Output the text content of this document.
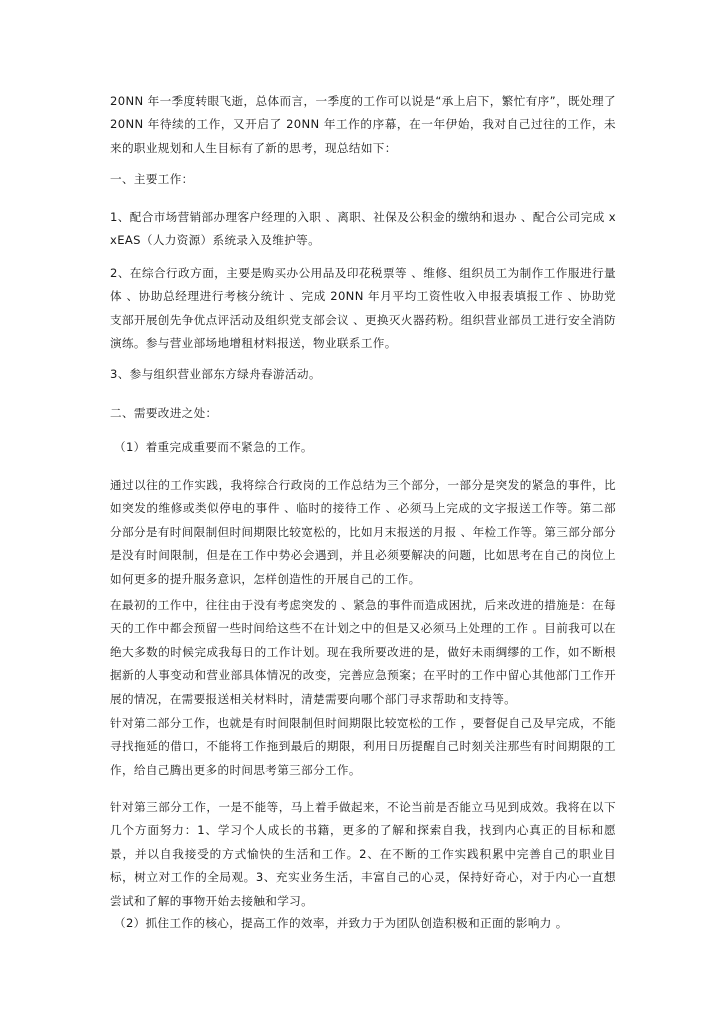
20NN 年一季度转眼飞逝，总体而言，一季度的工作可以说是“承上启下，繁忙有序”，既处理了 20NN 年待续的工作，又开启了 20NN 年工作的序幕，在一年伊始，我对自己过往的工作，未来的职业规划和人生目标有了新的思考，现总结如下：

一、主要工作：

1、配合市场营销部办理客户经理的入职 、离职、社保及公积金的缴纳和退办 、配合公司完成 xxEAS（人力资源）系统录入及维护等。

2、在综合行政方面，主要是购买办公用品及印花税票等 、维修、组织员工为制作工作服进行量体 、协助总经理进行考核分统计 、完成 20NN 年月平均工资性收入申报表填报工作 、协助党支部开展创先争优点评活动及组织党支部会议 、更换灭火器药粉。组织营业部员工进行安全消防演练。参与营业部场地增租材料报送，物业联系工作。

3、参与组织营业部东方绿舟春游活动。

二、需要改进之处：

（1）着重完成重要而不紧急的工作。

通过以往的工作实践，我将综合行政岗的工作总结为三个部分，一部分是突发的紧急的事件，比如突发的维修或类似停电的事件 、临时的接待工作 、必须马上完成的文字报送工作等。第二部分部分是有时间限制但时间期限比较宽松的，比如月末报送的月报 、年检工作等。第三部分部分是没有时间限制，但是在工作中势必会遇到，并且必须要解决的问题，比如思考在自己的岗位上如何更多的提升服务意识，怎样创造性的开展自己的工作。

在最初的工作中，往往由于没有考虑突发的 、紧急的事件而造成困扰，后来改进的措施是：在每天的工作中都会预留一些时间给这些不在计划之中的但是又必须马上处理的工作 。目前我可以在绝大多数的时候完成我每日的工作计划。现在我所要改进的是，做好未雨绸缪的工作，如不断根据新的人事变动和营业部具体情况的改变，完善应急预案；在平时的工作中留心其他部门工作开展的情况，在需要报送相关材料时，清楚需要向哪个部门寻求帮助和支持等。

针对第二部分工作，也就是有时间限制但时间期限比较宽松的工作 ，要督促自己及早完成，不能寻找拖延的借口，不能将工作拖到最后的期限，利用日历提醒自己时刻关注那些有时间期限的工作，给自己腾出更多的时间思考第三部分工作。

针对第三部分工作，一是不能等，马上着手做起来，不论当前是否能立马见到成效。我将在以下几个方面努力：1、学习个人成长的书籍，更多的了解和探索自我，找到内心真正的目标和愿景，并以自我接受的方式愉快的生活和工作。2、在不断的工作实践积累中完善自己的职业目标，树立对工作的全局观。3、充实业务生活，丰富自己的心灵，保持好奇心，对于内心一直想尝试和了解的事物开始去接触和学习。

（2）抓住工作的核心，提高工作的效率，并致力于为团队创造积极和正面的影响力 。
